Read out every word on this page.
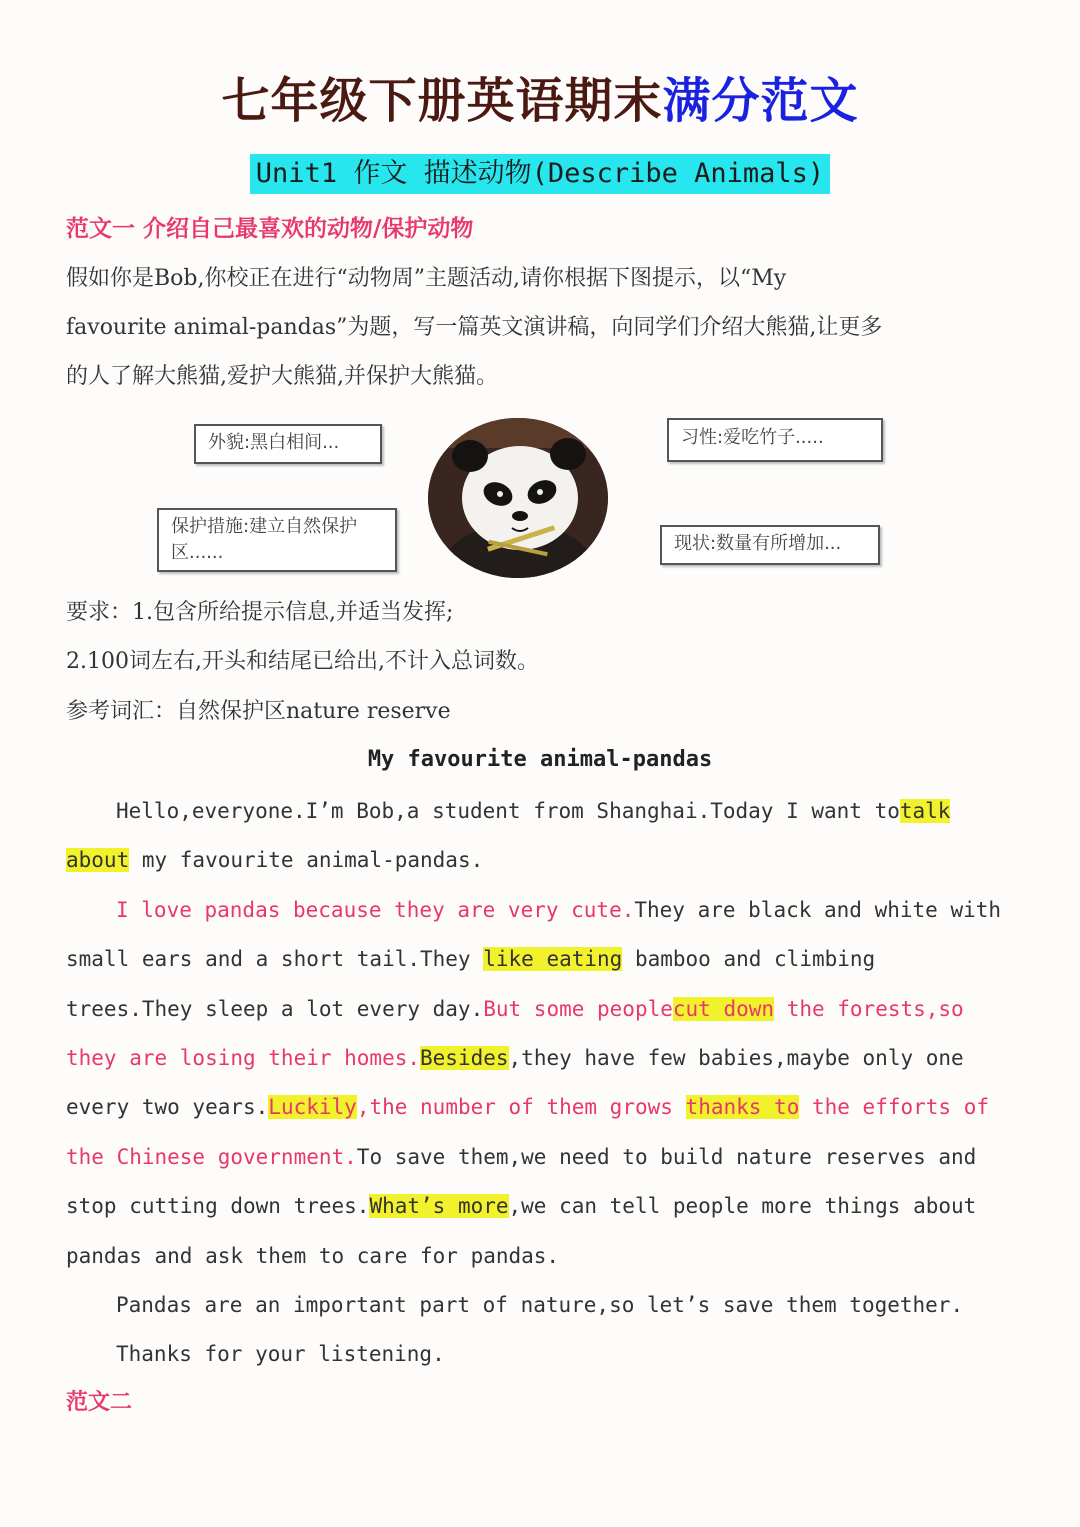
七年级下册英语期末满分范文
Unit1 作文 描述动物(Describe Animals)
范文一 介绍自己最喜欢的动物/保护动物
假如你是Bob,你校正在进行“动物周”主题活动,请你根据下图提示，以“My
favourite animal-pandas”为题，写一篇英文演讲稿，向同学们介绍大熊猫,让更多
的人了解大熊猫,爱护大熊猫,并保护大熊猫。
外貌:黑白相间...	习性:爱吃竹子.....
保护措施:建立自然保护
区......	现状:数量有所增加...
要求：1.包含所给提示信息,并适当发挥;
2.100词左右,开头和结尾已给出,不计入总词数。
参考词汇：自然保护区nature reserve
My favourite animal-pandas
Hello,everyone.I’m Bob,a student from Shanghai.Today I want totalk
about my favourite animal-pandas.
I love pandas because they are very cute.They are black and white with
small ears and a short tail.They like eating bamboo and climbing
trees.They sleep a lot every day.But some peoplecut down the forests,so
they are losing their homes.Besides,they have few babies,maybe only one
every two years.Luckily,the number of them grows thanks to the efforts of
the Chinese government.To save them,we need to build nature reserves and
stop cutting down trees.What’s more,we can tell people more things about
pandas and ask them to care for pandas.
Pandas are an important part of nature,so let’s save them together.
Thanks for your listening.
范文二
